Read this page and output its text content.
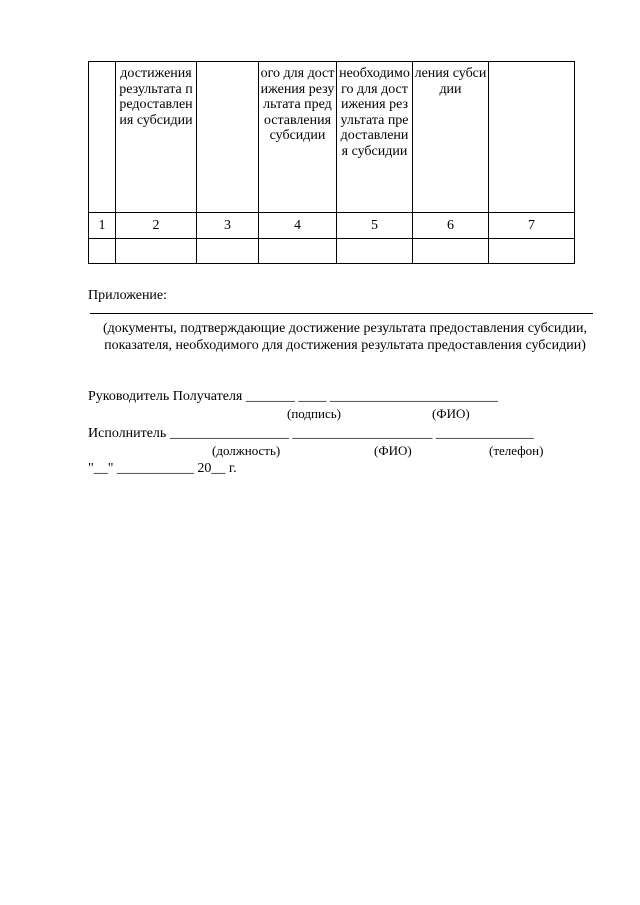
	достижения результата предоставления субсидии		ого для достижения результата предоставления субсидии	необходимого для достижения результата предоставления субсидии	ления субсидии	
1	2	3	4	5	6	7

Приложение:
(документы, подтверждающие достижение результата предоставления субсидии, показателя, необходимого для достижения результата предоставления субсидии)
Руководитель Получателя _______ ____ ________________________
(подпись)	(ФИО)
Исполнитель _________________ ____________________ ______________
(должность)	(ФИО)	(телефон)
"__" ___________ 20__ г.
